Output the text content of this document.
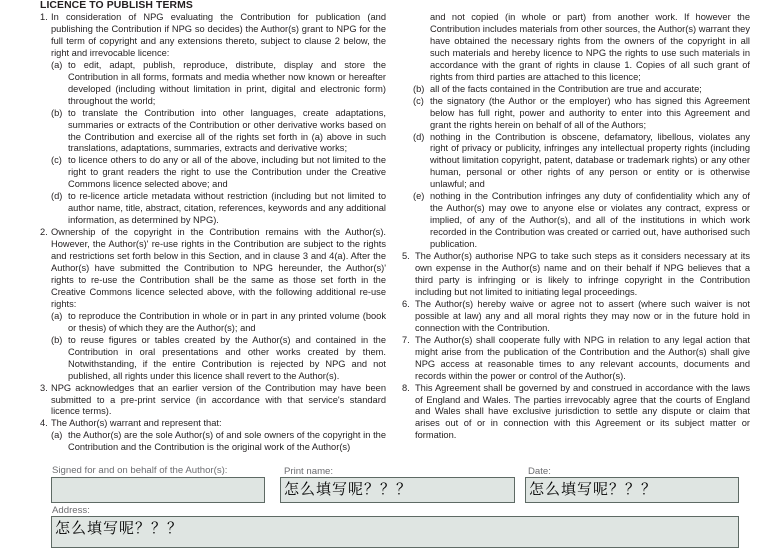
LICENCE TO PUBLISH TERMS
1. In consideration of NPG evaluating the Contribution for publication (and publishing the Contribution if NPG so decides) the Author(s) grant to NPG for the full term of copyright and any extensions thereto, subject to clause 2 below, the right and irrevocable licence:
(a) to edit, adapt, publish, reproduce, distribute, display and store the Contribution in all forms, formats and media whether now known or hereafter developed (including without limitation in print, digital and electronic form) throughout the world;
(b) to translate the Contribution into other languages, create adaptations, summaries or extracts of the Contribution or other derivative works based on the Contribution and exercise all of the rights set forth in (a) above in such translations, adaptations, summaries, extracts and derivative works;
(c) to licence others to do any or all of the above, including but not limited to the right to grant readers the right to use the Contribution under the Creative Commons licence selected above; and
(d) to re-licence article metadata without restriction (including but not limited to author name, title, abstract, citation, references, keywords and any additional information, as determined by NPG).
2. Ownership of the copyright in the Contribution remains with the Author(s). However, the Author(s)' re-use rights in the Contribution are subject to the rights and restrictions set forth below in this Section, and in clause 3 and 4(a). After the Author(s) have submitted the Contribution to NPG hereunder, the Author(s)' rights to re-use the Contribution shall be the same as those set forth in the Creative Commons licence selected above, with the following additional re-use rights:
(a) to reproduce the Contribution in whole or in part in any printed volume (book or thesis) of which they are the Author(s); and
(b) to reuse figures or tables created by the Author(s) and contained in the Contribution in oral presentations and other works created by them. Notwithstanding, if the entire Contribution is rejected by NPG and not published, all rights under this licence shall revert to the Author(s).
3. NPG acknowledges that an earlier version of the Contribution may have been submitted to a pre-print service (in accordance with that service's standard licence terms).
4. The Author(s) warrant and represent that:
(a) the Author(s) are the sole Author(s) of and sole owners of the copyright in the Contribution and the Contribution is the original work of the Author(s)
and not copied (in whole or part) from another work. If however the Contribution includes materials from other sources, the Author(s) warrant they have obtained the necessary rights from the owners of the copyright in all such materials and hereby licence to NPG the rights to use such materials in accordance with the grant of rights in clause 1. Copies of all such grant of rights from third parties are attached to this licence;
(b) all of the facts contained in the Contribution are true and accurate;
(c) the signatory (the Author or the employer) who has signed this Agreement below has full right, power and authority to enter into this Agreement and grant the rights herein on behalf of all of the Authors;
(d) nothing in the Contribution is obscene, defamatory, libellous, violates any right of privacy or publicity, infringes any intellectual property rights (including without limitation copyright, patent, database or trademark rights) or any other human, personal or other rights of any person or entity or is otherwise unlawful; and
(e) nothing in the Contribution infringes any duty of confidentiality which any of the Author(s) may owe to anyone else or violates any contract, express or implied, of any of the Author(s), and all of the institutions in which work recorded in the Contribution was created or carried out, have authorised such publication.
5. The Author(s) authorise NPG to take such steps as it considers necessary at its own expense in the Author(s) name and on their behalf if NPG believes that a third party is infringing or is likely to infringe copyright in the Contribution including but not limited to initiating legal proceedings.
6. The Author(s) hereby waive or agree not to assert (where such waiver is not possible at law) any and all moral rights they may now or in the future hold in connection with the Contribution.
7. The Author(s) shall cooperate fully with NPG in relation to any legal action that might arise from the publication of the Contribution and the Author(s) shall give NPG access at reasonable times to any relevant accounts, documents and records within the power or control of the Author(s).
8. This Agreement shall be governed by and construed in accordance with the laws of England and Wales. The parties irrevocably agree that the courts of England and Wales shall have exclusive jurisdiction to settle any dispute or claim that arises out of or in connection with this Agreement or its subject matter or formation.
Signed for and on behalf of the Author(s):	Print name:
怎么填写呢？？？
Date:
怎么填写呢？？？
Address:
怎么填写呢？？？
